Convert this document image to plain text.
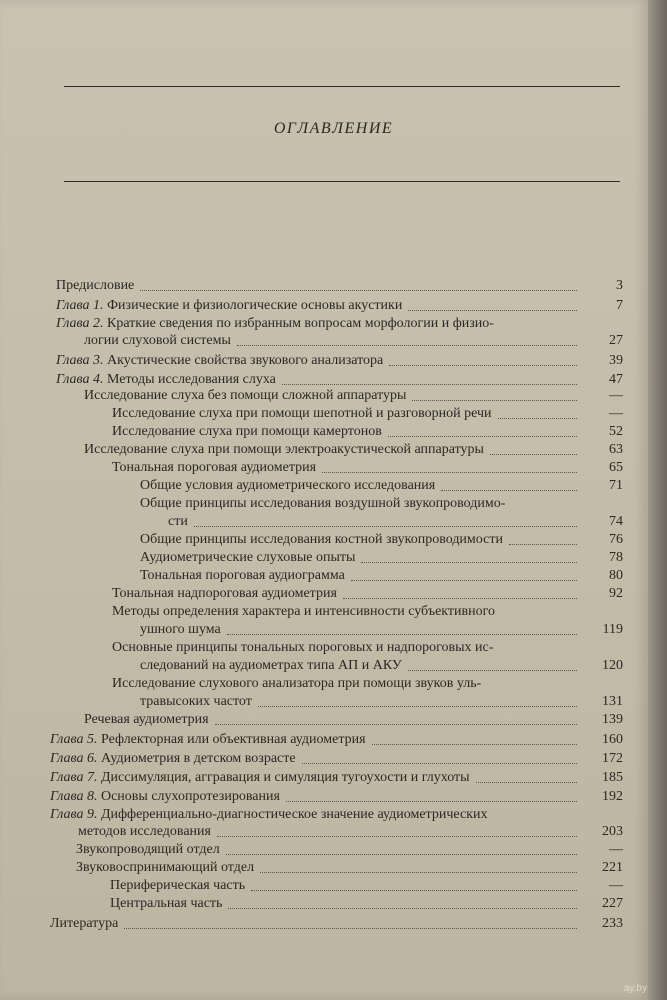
ОГЛАВЛЕНИЕ
Предисловие	3
Глава 1. Физические и физиологические основы акустики	7
Глава 2. Краткие сведения по избранным вопросам морфологии и физио-
логии слуховой системы	27
Глава 3. Акустические свойства звукового анализатора	39
Глава 4. Методы исследования слуха	47
Исследование слуха без помощи сложной аппаратуры	—
Исследование слуха при помощи шепотной и разговорной речи	—
Исследование слуха при помощи камертонов	52
Исследование слуха при помощи электроакустической аппаратуры	63
Тональная пороговая аудиометрия	65
Общие условия аудиометрического исследования	71
Общие принципы исследования воздушной звукопроводимо-
сти	74
Общие принципы исследования костной звукопроводимости	76
Аудиометрические слуховые опыты	78
Тональная пороговая аудиограмма	80
Тональная надпороговая аудиометрия	92
Методы определения характера и интенсивности субъективного
ушного шума	119
Основные принципы тональных пороговых и надпороговых ис-
следований на аудиометрах типа АП и АКУ	120
Исследование слухового анализатора при помощи звуков уль-
травысоких частот	131
Речевая аудиометрия	139
Глава 5. Рефлекторная или объективная аудиометрия	160
Глава 6. Аудиометрия в детском возрасте	172
Глава 7. Диссимуляция, аггравация и симуляция тугоухости и глухоты	185
Глава 8. Основы слухопротезирования	192
Глава 9. Дифференциально-диагностическое значение аудиометрических
методов исследования	203
Звукопроводящий отдел	—
Звуковоспринимающий отдел	221
Периферическая часть	—
Центральная часть	227
Литература	233
ay.by
